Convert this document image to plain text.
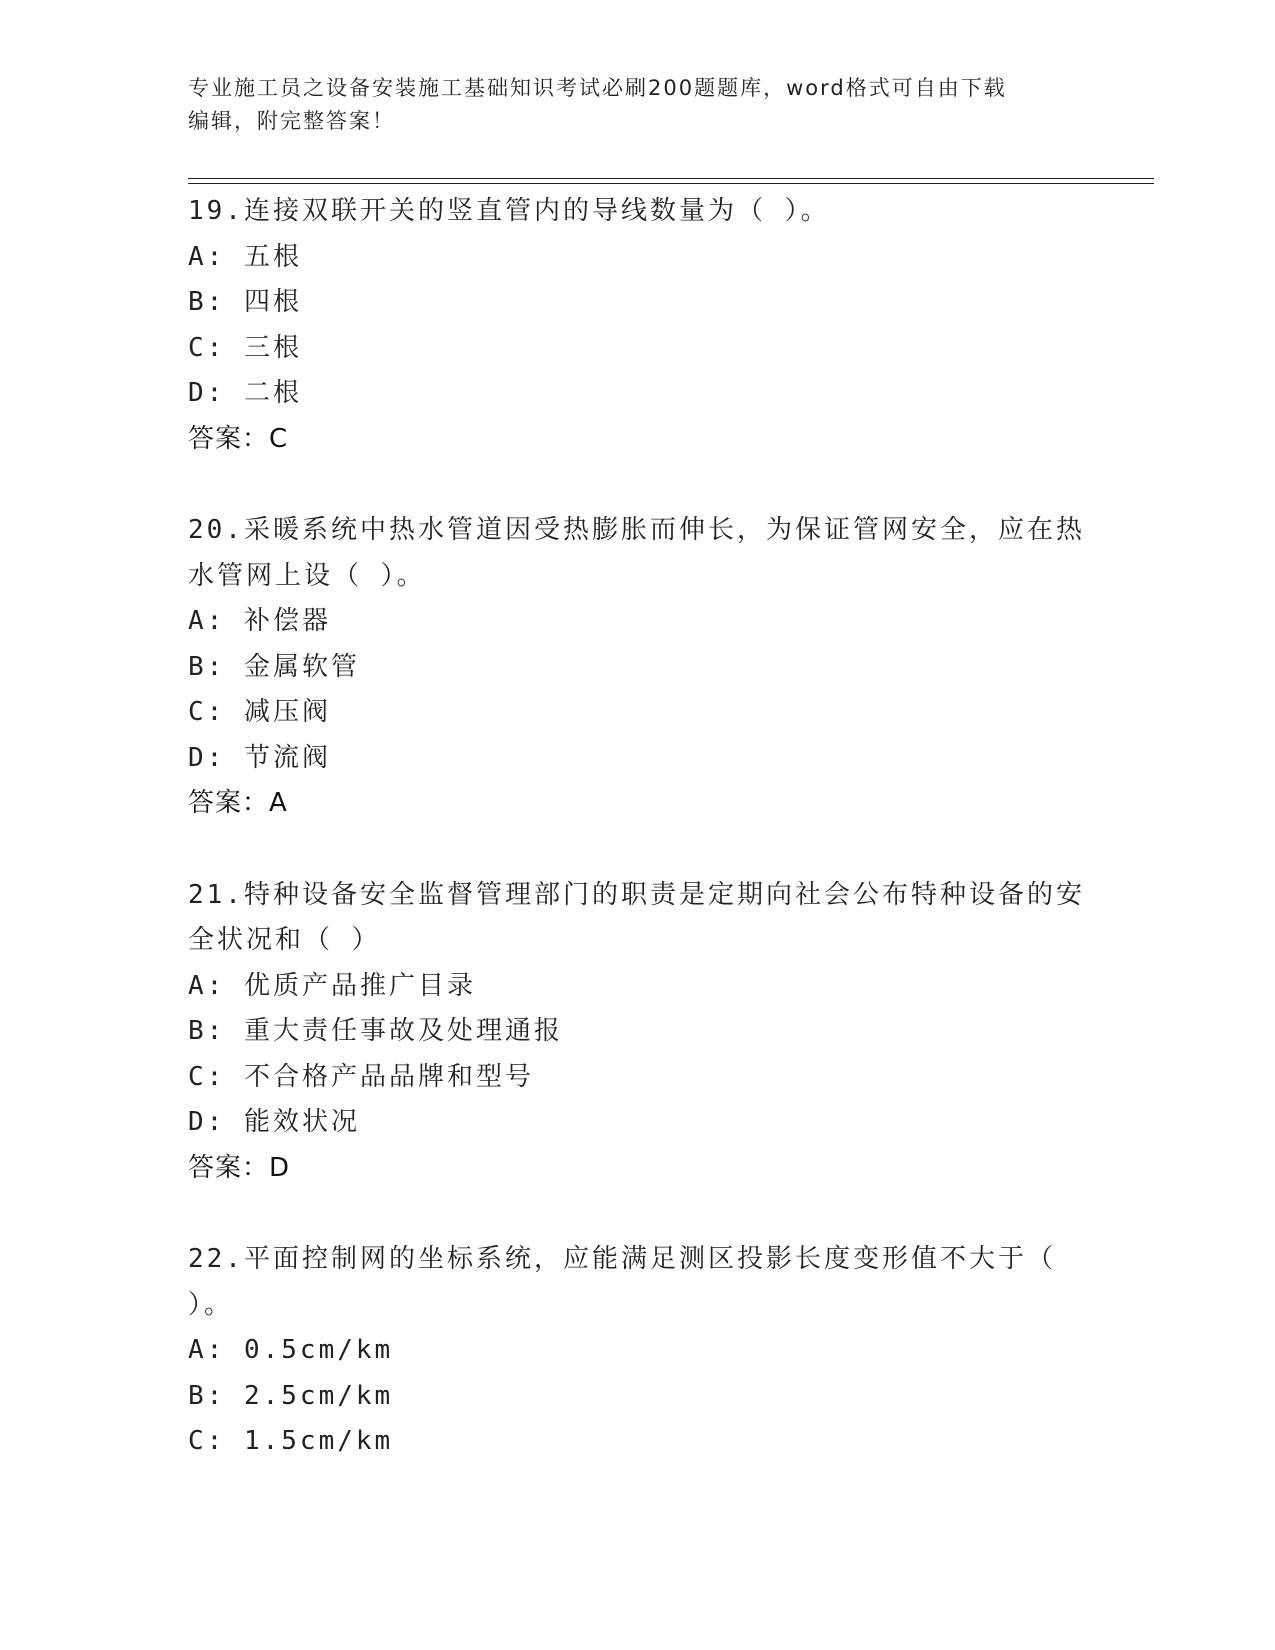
专业施工员之设备安装施工基础知识考试必刷200题题库，word格式可自由下载
编辑，附完整答案！
19.连接双联开关的竖直管内的导线数量为（ ）。
A: 五根
B: 四根
C: 三根
D: 二根
答案：C
20.采暖系统中热水管道因受热膨胀而伸长，为保证管网安全，应在热水管网上设（ ）。
A: 补偿器
B: 金属软管
C: 减压阀
D: 节流阀
答案：A
21.特种设备安全监督管理部门的职责是定期向社会公布特种设备的安全状况和（ ）
A: 优质产品推广目录
B: 重大责任事故及处理通报
C: 不合格产品品牌和型号
D: 能效状况
答案：D
22.平面控制网的坐标系统，应能满足测区投影长度变形值不大于（ ）。
A: 0.5cm/km
B: 2.5cm/km
C: 1.5cm/km
